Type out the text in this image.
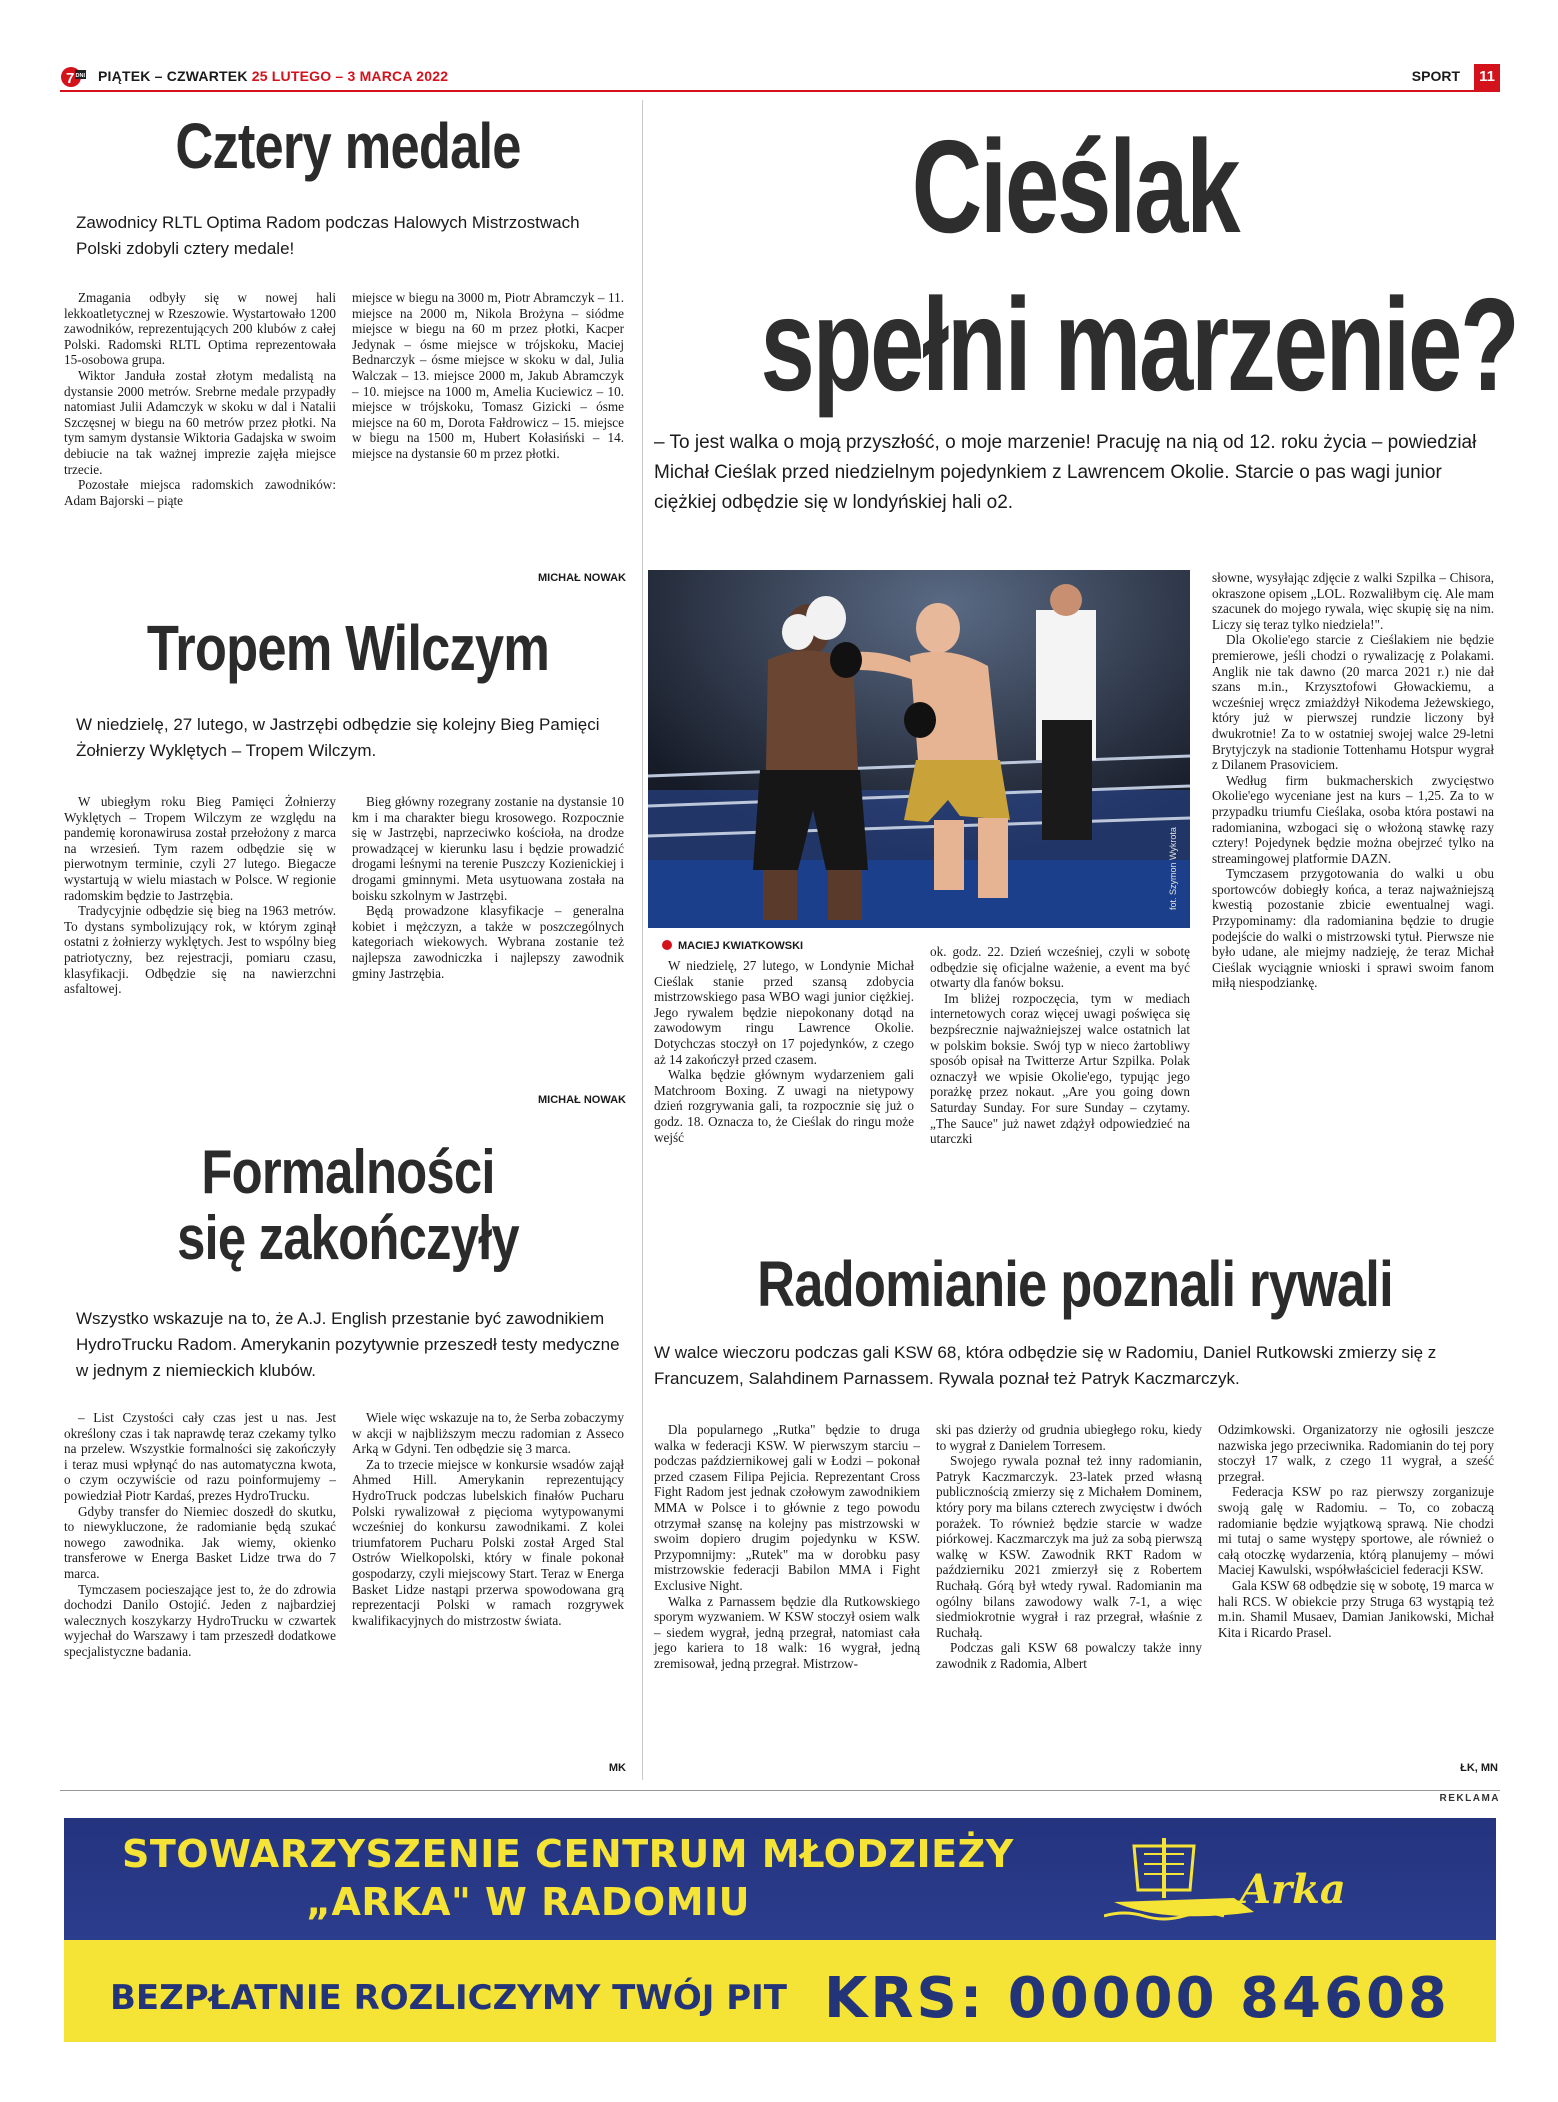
7 DNI PIĄTEK – CZWARTEK 25 LUTEGO – 3 MARCA 2022	SPORT	11
Cztery medale
Zawodnicy RLTL Optima Radom podczas Halowych Mistrzostwach Polski zdobyli cztery medale!

Zmagania odbyły się w nowej hali lekkoatletycznej w Rzeszowie. Wystartowało 1200 zawodników, reprezentujących 200 klubów z całej Polski. Radomski RLTL Optima reprezentowała 15-osobowa grupa.

Wiktor Janduła został złotym medalistą na dystansie 2000 metrów. Srebrne medale przypadły natomiast Julii Adamczyk w skoku w dal i Natalii Szczęsnej w biegu na 60 metrów przez płotki. Na tym samym dystansie Wiktoria Gadajska w swoim debiucie na tak ważnej imprezie zajęła miejsce trzecie.

Pozostałe miejsca radomskich zawodników: Adam Bajorski – piąte

miejsce w biegu na 3000 m, Piotr Abramczyk – 11. miejsce na 2000 m, Nikola Brożyna – siódme miejsce w biegu na 60 m przez płotki, Kacper Jedynak – ósme miejsce w trójskoku, Maciej Bednarczyk – ósme miejsce w skoku w dal, Julia Walczak – 13. miejsce 2000 m, Jakub Abramczyk – 10. miejsce na 1000 m, Amelia Kuciewicz – 10. miejsce w trójskoku, Tomasz Gizicki – ósme miejsce na 60 m, Dorota Fałdrowicz – 15. miejsce w biegu na 1500 m, Hubert Kołasiński – 14. miejsce na dystansie 60 m przez płotki.

MICHAŁ NOWAK
Tropem Wilczym
W niedzielę, 27 lutego, w Jastrzębi odbędzie się kolejny Bieg Pamięci Żołnierzy Wyklętych – Tropem Wilczym.

W ubiegłym roku Bieg Pamięci Żołnierzy Wyklętych – Tropem Wilczym ze względu na pandemię koronawirusa został przełożony z marca na wrzesień. Tym razem odbędzie się w pierwotnym terminie, czyli 27 lutego. Biegacze wystartują w wielu miastach w Polsce. W regionie radomskim będzie to Jastrzębia.

Tradycyjnie odbędzie się bieg na 1963 metrów. To dystans symbolizujący rok, w którym zginął ostatni z żołnierzy wyklętych. Jest to wspólny bieg patriotyczny, bez rejestracji, pomiaru czasu, klasyfikacji. Odbędzie się na nawierzchni asfaltowej.

Bieg główny rozegrany zostanie na dystansie 10 km i ma charakter biegu krosowego. Rozpocznie się w Jastrzębi, naprzeciwko kościoła, na drodze prowadzącej w kierunku lasu i będzie prowadzić drogami leśnymi na terenie Puszczy Kozienickiej i drogami gminnymi. Meta usytuowana została na boisku szkolnym w Jastrzębi.

Będą prowadzone klasyfikacje – generalna kobiet i mężczyzn, a także w poszczególnych kategoriach wiekowych. Wybrana zostanie też najlepsza zawodniczka i najlepszy zawodnik gminy Jastrzębia.

MICHAŁ NOWAK
Formalności
się zakończyły
Wszystko wskazuje na to, że A.J. English przestanie być zawodnikiem HydroTrucku Radom. Amerykanin pozytywnie przeszedł testy medyczne w jednym z niemieckich klubów.

– List Czystości cały czas jest u nas. Jest określony czas i tak naprawdę teraz czekamy tylko na przelew. Wszystkie formalności się zakończyły i teraz musi wpłynąć do nas automatyczna kwota, o czym oczywiście od razu poinformujemy – powiedział Piotr Kardaś, prezes HydroTrucku.

Gdyby transfer do Niemiec doszedł do skutku, to niewykluczone, że radomianie będą szukać nowego zawodnika. Jak wiemy, okienko transferowe w Energa Basket Lidze trwa do 7 marca.

Tymczasem pocieszające jest to, że do zdrowia dochodzi Danilo Ostojić. Jeden z najbardziej walecznych koszykarzy HydroTrucku w czwartek wyjechał do Warszawy i tam przeszedł dodatkowe specjalistyczne badania.

Wiele więc wskazuje na to, że Serba zobaczymy w akcji w najbliższym meczu radomian z Asseco Arką w Gdyni. Ten odbędzie się 3 marca.

Za to trzecie miejsce w konkursie wsadów zajął Ahmed Hill. Amerykanin reprezentujący HydroTruck podczas lubelskich finałów Pucharu Polski rywalizował z pięcioma wytypowanymi wcześniej do konkursu zawodnikami. Z kolei triumfatorem Pucharu Polski został Arged Stal Ostrów Wielkopolski, który w finale pokonał gospodarzy, czyli miejscowy Start. Teraz w Energa Basket Lidze nastąpi przerwa spowodowana grą reprezentacji Polski w ramach rozgrywek kwalifikacyjnych do mistrzostw świata.

MK
Cieślak
spełni marzenie?
– To jest walka o moją przyszłość, o moje marzenie! Pracuję na nią od 12. roku życia – powiedział Michał Cieślak przed niedzielnym pojedynkiem z Lawrencem Okolie. Starcie o pas wagi junior ciężkiej odbędzie się w londyńskiej hali o2.
fot. Szymon Wykrota
MACIEJ KWIATKOWSKI

W niedzielę, 27 lutego, w Londynie Michał Cieślak stanie przed szansą zdobycia mistrzowskiego pasa WBO wagi junior ciężkiej. Jego rywalem będzie niepokonany dotąd na zawodowym ringu Lawrence Okolie. Dotychczas stoczył on 17 pojedynków, z czego aż 14 zakończył przed czasem.

Walka będzie głównym wydarzeniem gali Matchroom Boxing. Z uwagi na nietypowy dzień rozgrywania gali, ta rozpocznie się już o godz. 18. Oznacza to, że Cieślak do ringu może wejść

ok. godz. 22. Dzień wcześniej, czyli w sobotę odbędzie się oficjalne ważenie, a event ma być otwarty dla fanów boksu.

Im bliżej rozpoczęcia, tym w mediach internetowych coraz więcej uwagi poświęca się bezpśrecznie najważniejszej walce ostatnich lat w polskim boksie. Swój typ w nieco żartobliwy sposób opisał na Twitterze Artur Szpilka. Polak oznaczył we wpisie Okolie'ego, typując jego porażkę przez nokaut. „Are you going down Saturday Sunday. For sure Sunday – czytamy. „The Sauce" już nawet zdążył odpowiedzieć na utarczki

słowne, wysyłając zdjęcie z walki Szpilka – Chisora, okraszone opisem „LOL. Rozwaliłbym cię. Ale mam szacunek do mojego rywala, więc skupię się na nim. Liczy się teraz tylko niedziela!".

Dla Okolie'ego starcie z Cieślakiem nie będzie premierowe, jeśli chodzi o rywalizację z Polakami. Anglik nie tak dawno (20 marca 2021 r.) nie dał szans m.in., Krzysztofowi Głowackiemu, a wcześniej wręcz zmiażdżył Nikodema Jeżewskiego, który już w pierwszej rundzie liczony był dwukrotnie! Za to w ostatniej swojej walce 29-letni Brytyjczyk na stadionie Tottenhamu Hotspur wygrał z Dilanem Prasoviciem.

Według firm bukmacherskich zwycięstwo Okolie'ego wyceniane jest na kurs – 1,25. Za to w przypadku triumfu Cieślaka, osoba która postawi na radomianina, wzbogaci się o włożoną stawkę razy cztery! Pojedynek będzie można obejrzeć tylko na streamingowej platformie DAZN.

Tymczasem przygotowania do walki u obu sportowców dobiegły końca, a teraz najważniejszą kwestią pozostanie zbicie ewentualnej wagi. Przypominamy: dla radomianina będzie to drugie podejście do walki o mistrzowski tytuł. Pierwsze nie było udane, ale miejmy nadzieję, że teraz Michał Cieślak wyciągnie wnioski i sprawi swoim fanom miłą niespodziankę.

Radomianie poznali rywali
W walce wieczoru podczas gali KSW 68, która odbędzie się w Radomiu, Daniel Rutkowski zmierzy się z Francuzem, Salahdinem Parnassem. Rywala poznał też Patryk Kaczmarczyk.

Dla popularnego „Rutka" będzie to druga walka w federacji KSW. W pierwszym starciu – podczas październikowej gali w Łodzi – pokonał przed czasem Filipa Pejicia. Reprezentant Cross Fight Radom jest jednak czołowym zawodnikiem MMA w Polsce i to głównie z tego powodu otrzymał szansę na kolejny pas mistrzowski w swoim dopiero drugim pojedynku w KSW. Przypomnijmy: „Rutek" ma w dorobku pasy mistrzowskie federacji Babilon MMA i Fight Exclusive Night.

Walka z Parnassem będzie dla Rutkowskiego sporym wyzwaniem. W KSW stoczył osiem walk – siedem wygrał, jedną przegrał, natomiast cała jego kariera to 18 walk: 16 wygrał, jedną zremisował, jedną przegrał. Mistrzow-

ski pas dzierży od grudnia ubiegłego roku, kiedy to wygrał z Danielem Torresem.

Swojego rywala poznał też inny radomianin, Patryk Kaczmarczyk. 23-latek przed własną publicznością zmierzy się z Michałem Dominem, który pory ma bilans czterech zwycięstw i dwóch porażek. To również będzie starcie w wadze piórkowej. Kaczmarczyk ma już za sobą pierwszą walkę w KSW. Zawodnik RKT Radom w październiku 2021 zmierzył się z Robertem Ruchałą. Górą był wtedy rywal. Radomianin ma ogólny bilans zawodowy walk 7-1, a więc siedmiokrotnie wygrał i raz przegrał, właśnie z Ruchałą.

Podczas gali KSW 68 powalczy także inny zawodnik z Radomia, Albert

Odzimkowski. Organizatorzy nie ogłosili jeszcze nazwiska jego przeciwnika. Radomianin do tej pory stoczył 17 walk, z czego 11 wygrał, a sześć przegrał.

Federacja KSW po raz pierwszy zorganizuje swoją galę w Radomiu. – To, co zobaczą radomianie będzie wyjątkową sprawą. Nie chodzi mi tutaj o same występy sportowe, ale również o całą otoczkę wydarzenia, którą planujemy – mówi Maciej Kawulski, współwłaściciel federacji KSW.

Gala KSW 68 odbędzie się w sobotę, 19 marca w hali RCS. W obiekcie przy Struga 63 wystąpią też m.in. Shamil Musaev, Damian Janikowski, Michał Kita i Ricardo Prasel.

ŁK, MN
REKLAMA
STOWARZYSZENIE CENTRUM MŁODZIEŻY
„ARKA" W RADOMIU	Arka
BEZPŁATNIE ROZLICZYMY TWÓJ PIT KRS: 00000 84608
